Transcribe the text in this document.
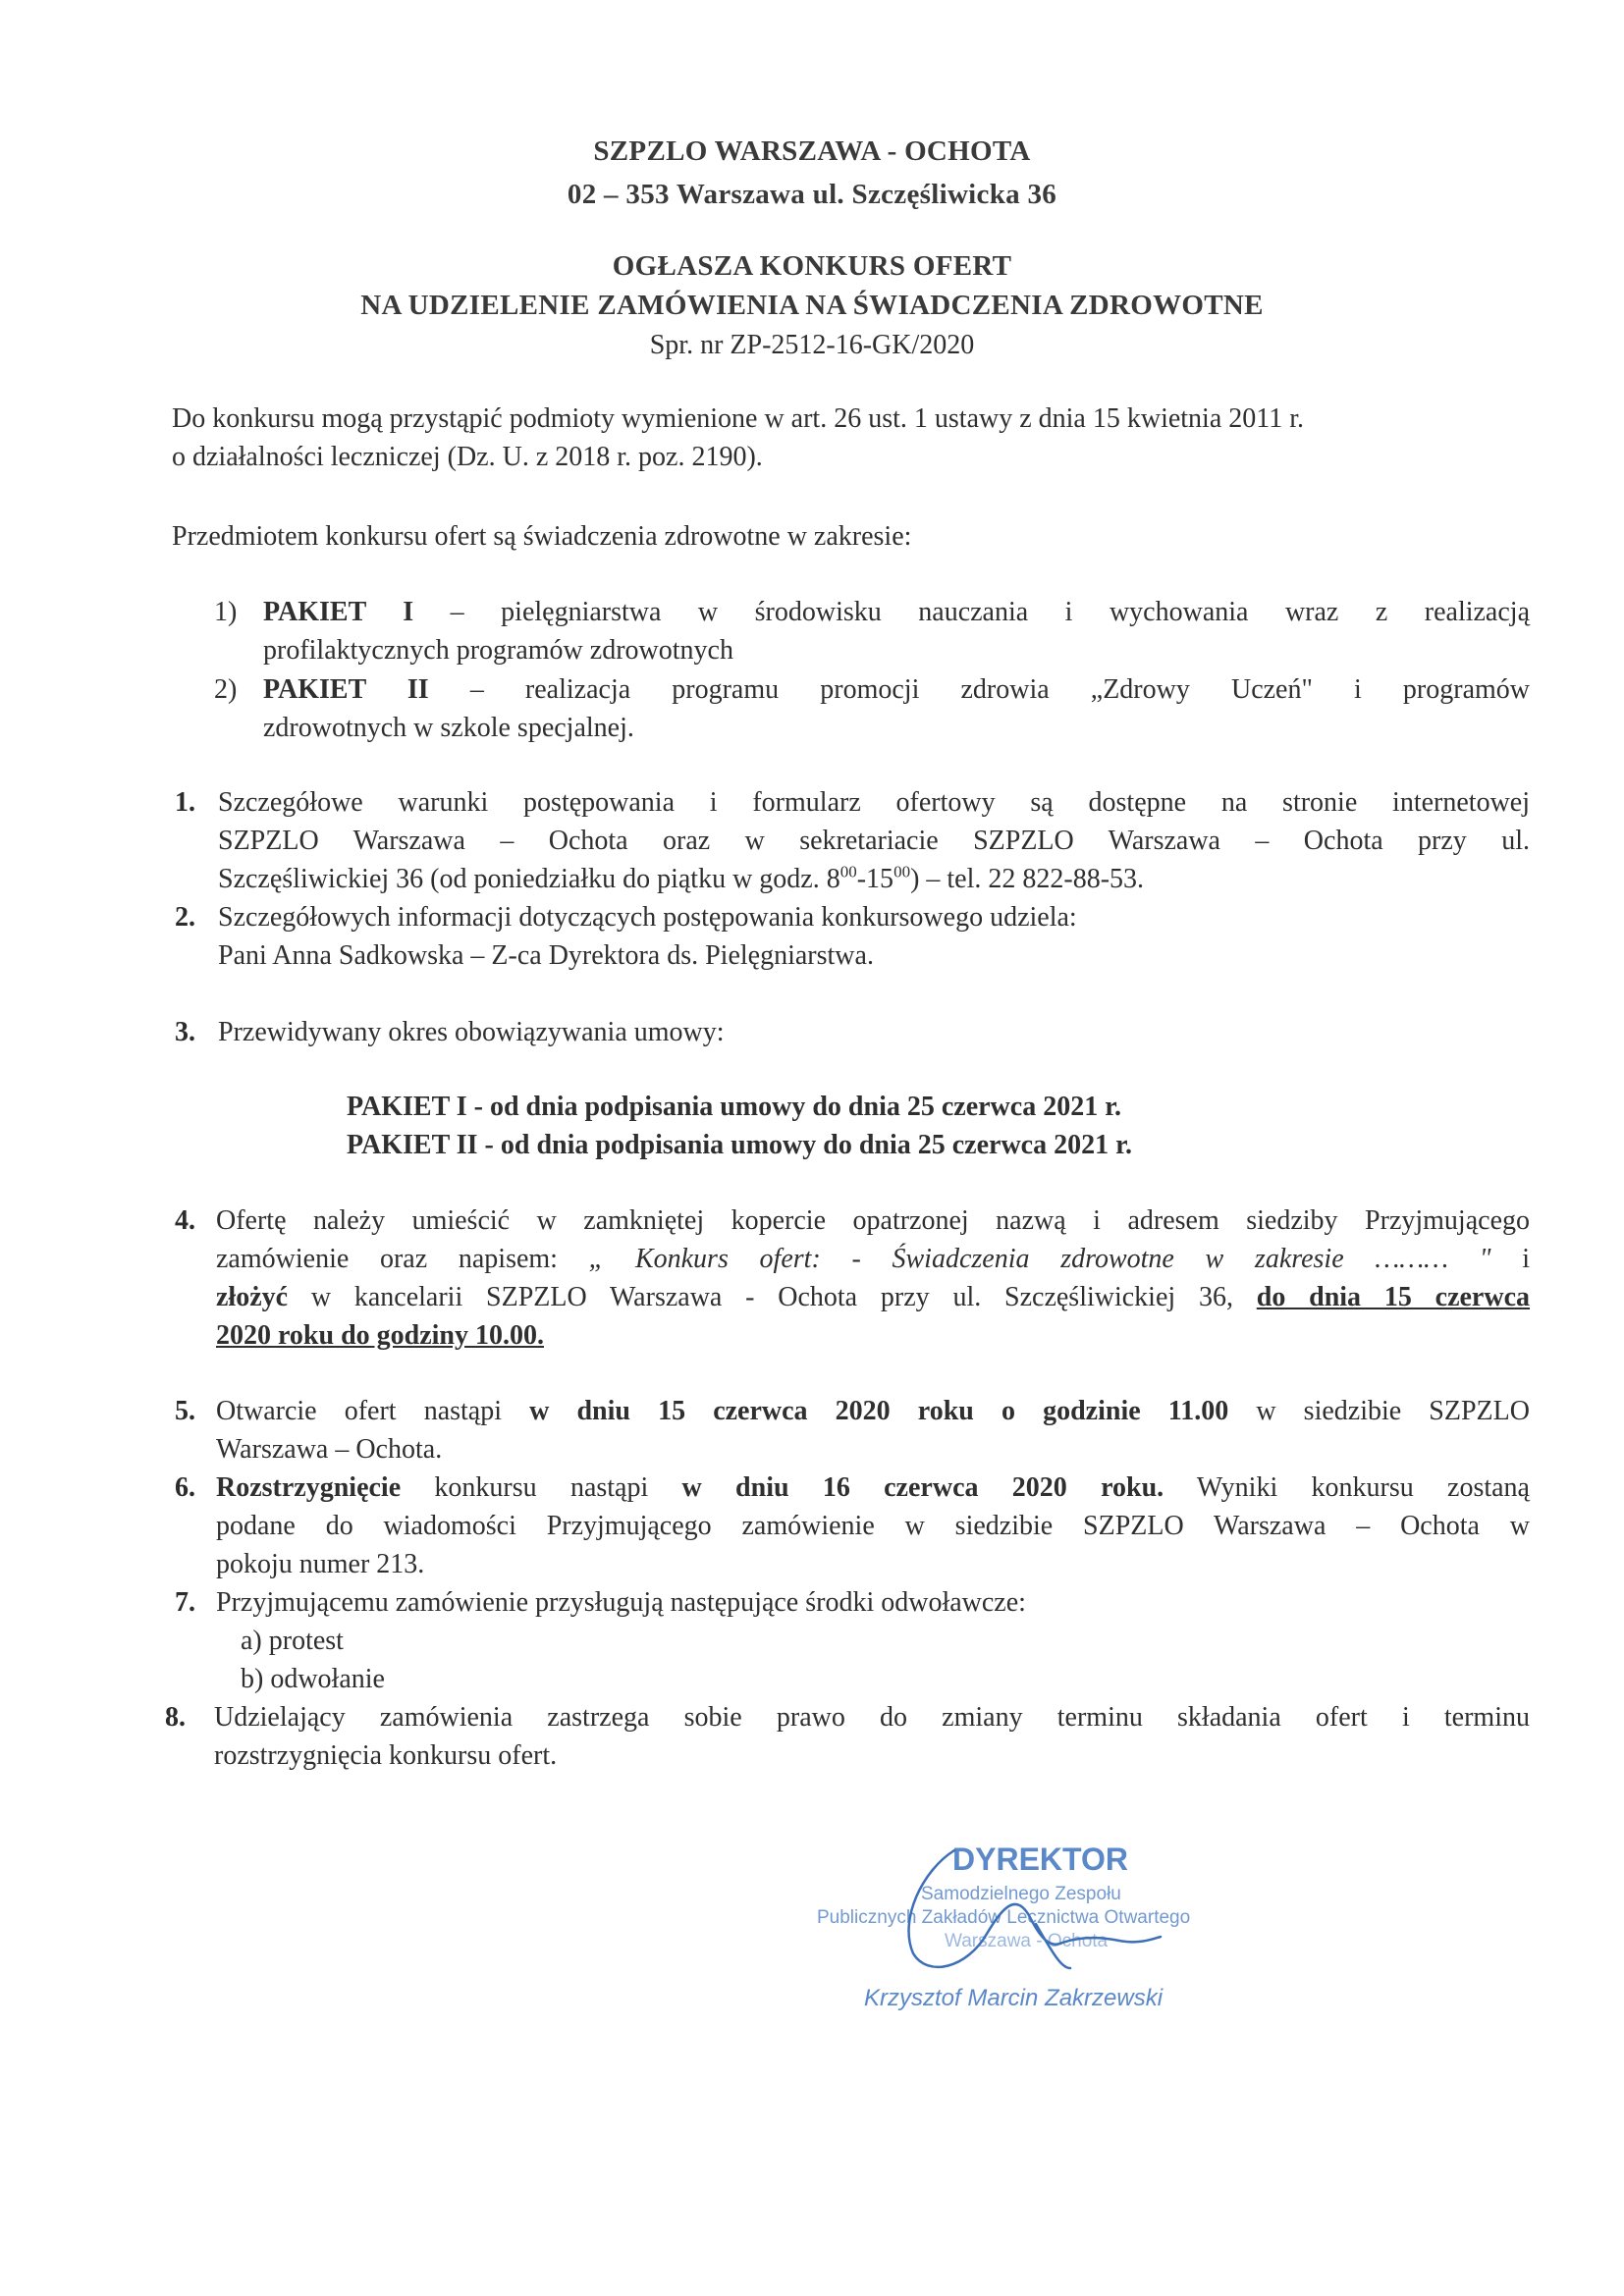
SZPZLO WARSZAWA - OCHOTA
02 – 353 Warszawa ul. Szczęśliwicka 36
OGŁASZA KONKURS OFERT
NA UDZIELENIE ZAMÓWIENIA NA ŚWIADCZENIA ZDROWOTNE
Spr. nr ZP-2512-16-GK/2020
Do konkursu mogą przystąpić podmioty wymienione w art. 26 ust. 1 ustawy z dnia 15 kwietnia 2011 r.
o działalności leczniczej (Dz. U. z 2018 r. poz. 2190).
Przedmiotem konkursu ofert są świadczenia zdrowotne w zakresie:
1) PAKIET I – pielęgniarstwa w środowisku nauczania i wychowania wraz z realizacją
profilaktycznych programów zdrowotnych
2) PAKIET II – realizacja programu promocji zdrowia „Zdrowy Uczeń" i programów
zdrowotnych w szkole specjalnej.
1. Szczegółowe warunki postępowania i formularz ofertowy są dostępne na stronie internetowej
SZPZLO Warszawa – Ochota oraz w sekretariacie SZPZLO Warszawa – Ochota przy ul.
Szczęśliwickiej 36 (od poniedziałku do piątku w godz. $8^{00}-15^{00}$) – tel. 22 822-88-53.
2. Szczegółowych informacji dotyczących postępowania konkursowego udziela:
Pani Anna Sadkowska – Z-ca Dyrektora ds. Pielęgniarstwa.
3. Przewidywany okres obowiązywania umowy:
PAKIET I - od dnia podpisania umowy do dnia 25 czerwca 2021 r.
PAKIET II - od dnia podpisania umowy do dnia 25 czerwca 2021 r.
4. Ofertę należy umieścić w zamkniętej kopercie opatrzonej nazwą i adresem siedziby Przyjmującego
zamówienie oraz napisem: „ Konkurs ofert: - Świadczenia zdrowotne w zakresie ……… " i
złożyć w kancelarii SZPZLO Warszawa - Ochota przy ul. Szczęśliwickiej 36, do dnia 15 czerwca
2020 roku do godziny 10.00.
5. Otwarcie ofert nastąpi w dniu 15 czerwca 2020 roku o godzinie 11.00 w siedzibie SZPZLO
Warszawa – Ochota.
6. Rozstrzygnięcie konkursu nastąpi w dniu 16 czerwca 2020 roku. Wyniki konkursu zostaną
podane do wiadomości Przyjmującego zamówienie w siedzibie SZPZLO Warszawa – Ochota w
pokoju numer 213.
7. Przyjmującemu zamówienie przysługują następujące środki odwoławcze:
a) protest
b) odwołanie
8. Udzielający zamówienia zastrzega sobie prawo do zmiany terminu składania ofert i terminu
rozstrzygnięcia konkursu ofert.
DYREKTOR
Samodzielnego Zespołu
Publicznych Zakładów Lecznictwa Otwartego
Warszawa - Ochota
Krzysztof Marcin Zakrzewski
